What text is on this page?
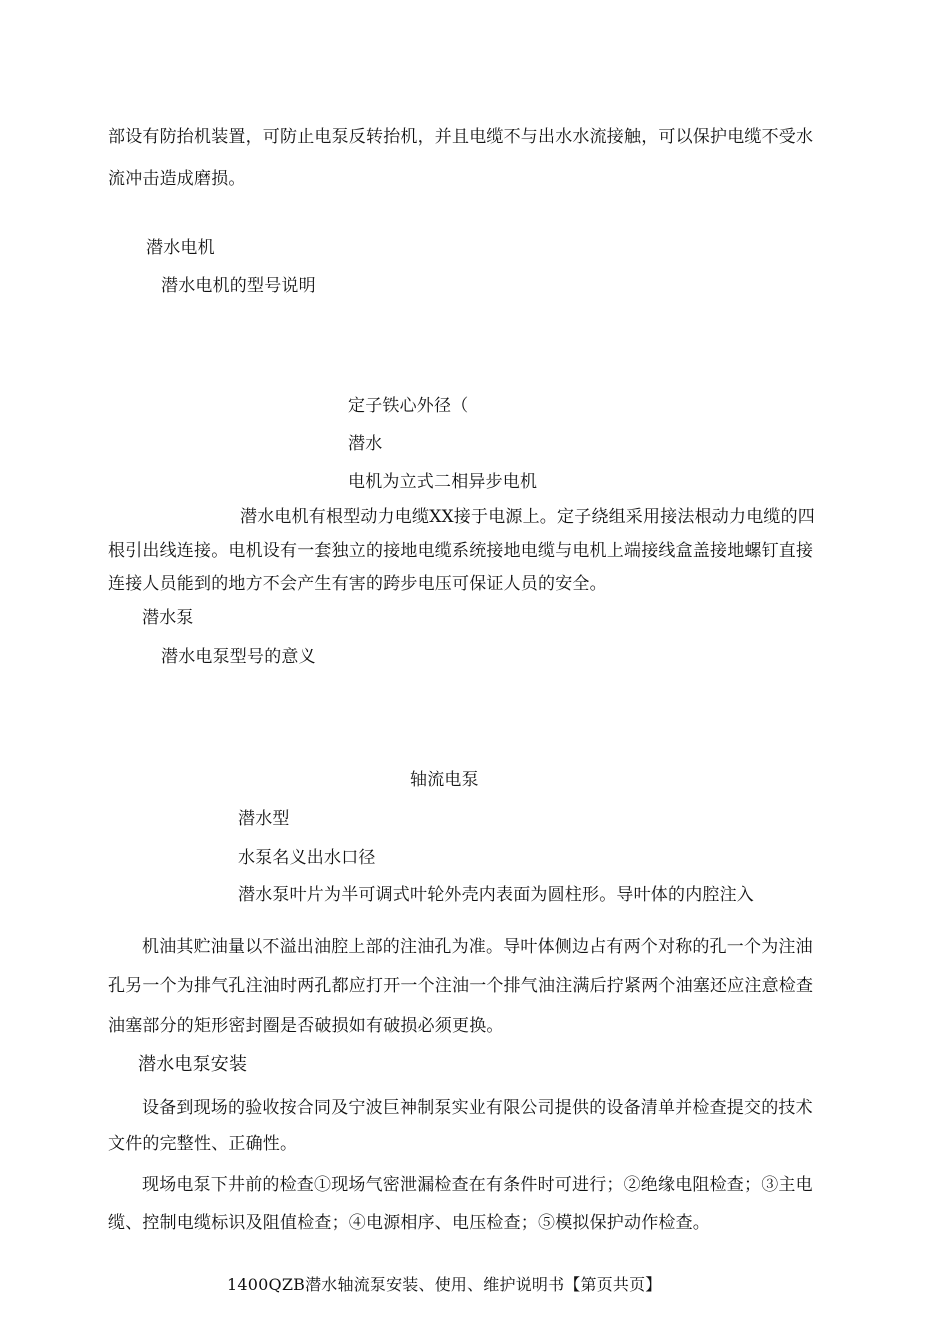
部设有防抬机装置，可防止电泵反转抬机，并且电缆不与出水水流接触，可以保护电缆不受水
流冲击造成磨损。
潜水电机
潜水电机的型号说明
定子铁心外径（
潜水
电机为立式二相异步电机
潜水电机有根型动力电缆XX接于电源上。定子绕组采用接法根动力电缆的四
根引出线连接。电机设有一套独立的接地电缆系统接地电缆与电机上端接线盒盖接地螺钉直接
连接人员能到的地方不会产生有害的跨步电压可保证人员的安全。
潜水泵
潜水电泵型号的意义
轴流电泵
潜水型
水泵名义出水口径
潜水泵叶片为半可调式叶轮外壳内表面为圆柱形。导叶体的内腔注入
机油其贮油量以不溢出油腔上部的注油孔为准。导叶体侧边占有两个对称的孔一个为注油
孔另一个为排气孔注油时两孔都应打开一个注油一个排气油注满后拧紧两个油塞还应注意检查
油塞部分的矩形密封圈是否破损如有破损必须更换。
潜水电泵安装
设备到现场的验收按合同及宁波巨神制泵实业有限公司提供的设备清单并检查提交的技术
文件的完整性、正确性。
现场电泵下井前的检查①现场气密泄漏检查在有条件时可进行；②绝缘电阻检查；③主电
缆、控制电缆标识及阻值检查；④电源相序、电压检查；⑤模拟保护动作检查。
1400QZB潜水轴流泵安装、使用、维护说明书【第页共页】
